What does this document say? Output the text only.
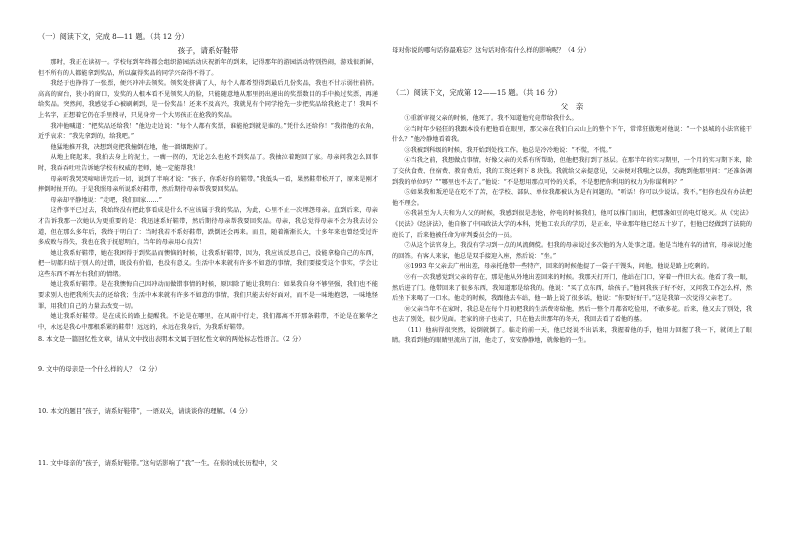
（一）阅读下文，完成 8—11 题。（共 12 分）
孩子，请系好鞋带

那时，我正在读初一。学校每到年终都会组织游园活动庆祝新年的到来，记得那年的游园活动特别热闹，游戏很新鲜，但不所有的人都能拿到奖品，所以赢得奖品的同学兴奋得不得了。

我经于也挣得了一张票，便兴冲冲去领奖。领奖处挤满了人，每个人都希望得到最后几份奖品，我也不甘示弱往前挤。高高的窗台，狭小的窗口，发奖的人根本看不见领奖人的脸，只能随意地从那里扔出递出的奖票数目的手中换过奖票，再递给奖品。突然间，我感觉手心被刷刺到，是一份奖品！还来不及高兴，我就见有个同学抢先一步把奖品给我抢走了！我叫不上名字，正想着它仍在手里搜寻，只见身旁一个大男孩正在抢我的奖品。

我冲他喊道：“把奖品还给我！”他边走边说：“每个人都有奖票，谁能抢到就是谁的。”凭什么还给你！”我指他的衣角，近乎哀求：“我先拿到的，给我吧。”

他猛地推开我，决想到竟把我撞倒在地，他一溜烟跑掉了。

从地上爬起来，我拍去身上的泥土，一瘸一拐的，无论怎么也抢不到奖品了。我抽泣着跑回了家。母亲问我怎么回事时，我吞吞吐吐告诉她学校有权威的老师，她一定能帮我！

母亲听我哭哭啼啼讲完后一切，说到了半响才说：“孩子，你系好你的鞋带。”我低头一看，果然鞋带松开了，原来是刚才摔倒时扯开的。于是我照母亲所说系好鞋带，然后期待母亲帮我要回奖品。

母亲却平静地说：“走吧，我们回家……”

这件事平已过去，我始终没有把此事看成是什么不应该属于我的奖品，为此，心里不止一次埋怨母亲。直到后来，母亲才告诉我那一次她认为更重要的是：我迅速系好鞋带，然后期待母亲帮我要回奖品。母亲，我总觉得母亲不会为我去讨公道，但在那么多年后，我终于明白了：当时我若不系好鞋带，跌倒还会再来。而且，随着渐渐长大，十多年来也曾经受过许多成败与得失，我也在我于抚慰明白，当年的母亲用心良苦！

她让我系好鞋带，她在我困得于到奖品而懊恼的时候，让我系好鞋带，因为，我应该反思自己，没能拿稳自己的东西，把一切都归结于别人的过错，既没有价值，也没有意义。生活中本来就有许多不如意的事情，我们要接受这个事实，学会让这些东西不再左右我们的情绪。

她让我系好鞋带。是在我懊悔自己因冲动而做错事情的时候，原因除了她让我明白：如果我自身不够坚强，我们也不能要求别人也把我所失去的还给我；生活中本来就有许多不如意的事情，我们只能去好好面对，而不是一味地抱怨，一味地怪罪，用我们自己的力量去改变一切。

她让我系好鞋带。是在成长的路上提醒我。不论是在哪里，在风雨中行走，我们都离不开那条鞋带，不论是在繁华之中，永远是我心中那根系紧的鞋带！远远的，永远在我身后，为我系好鞋带。

8. 本文是一篇回忆性文章，请从文中找出表明本文属于回忆性文章的两处标志性语言。（2 分）

9. 文中的母亲是一个什么样的人？（2 分）

10. 本文的题目“孩子，请系好鞋带”，一语双关，请谈谈你的理解。（4 分）

11. 文中母亲的“孩子，请系好鞋带。”这句话影响了“我”一生。在你的成长历程中，父

母对你说的哪句话你最难忘？这句话对你有什么样的影响呢？（4 分）

（二）阅读下文，完成第 12——15 题。（共 16 分）
父　亲

①重新审视父亲的时候，他死了。我不知道他究竟带给我什么。

②当时年少轻狂的我跟本没有把他看在眼里，那父亲在我们白云山上的整个下午，常常狂傲地对他说：“一个县城的小法官能干什么？”他冷静地看着我。

③我被到科级的时候，我开始到处找工作。他总是冷冷地说：“不慌，不慌。”

④当我之前，我想做点事情，好像父亲的关系有所帮助，但他把我打到了基层。在那半年的实习期里，一个月的实习期下来，除了交伙食费、住宿费、教育费后，我的工资还剩下 8 块钱。我就给父亲提意见，父亲便对我嗤之以鼻，我跑到他那里问：“还准备调到我的单位吗？”“哪里也不去了。”他说：“不是想用那点可怜的关系，不是想把你利用的权力为你谋利吗？”

⑤如果我和叛逆是在吃不了苦，在学校、部队、单位我都被认为是有问题的。“听话！你可以少说话。我不。”但你也没有办法把他不理会。

⑥我甚至为人夫和为人父的时候，我感到很是悲怆，停电的时候我们，他可以推门而出，把那盏如豆的电灯熄灭。从《宪法》《民法》《经济法》，他自修了中国政法大学的本科，凭他工农兵的学历，是正业，毕业那年他已经五十岁了，但他已经做到了法院的庭长了，后来他被任命为审判委员会的一员。

⑦从这个法官身上，我没有学习到一点的风流倜傥。但我的母亲说过多次他的为人处事之道。他是当地有名的清官，母亲说过他的回答。有客人来家，他总是双手接迎入座，然后说：“坐。”

⑧1993 年父亲去广州出差，母亲托他带一些特产，回来的时候他提了一袋子干馒头，问他，他说是路上吃剩的。

⑨有一次我感觉到父亲的存在，那是他从外地出差回来的时候。我那天打开门，他站在门口，穿着一件旧大衣。他看了我一眼，然后进了门。他带回来了很多东西，我知道那是给我的。他说：“买了点东西，给孩子。”他问我孩子好不好，又问我工作怎么样，然后坐下来喝了一口水。他走的时候，我跟他去车站，他一路上说了很多话，他说：“你要好好干。”这是我第一次觉得父亲老了。

⑩父亲当年不在家时，我总是在每个月初把我的生活费寄给他，然后一整个月都省吃俭用，不敢多花。后来，他又去了别处，我也去了别处，很少见面。老家的房子也卖了，只在他去世那年的冬天，我回去看了看他的墓。

（11）他病得很突然，说倒就倒了。临走的前一天，他已经说不出话来，我握着他的手，他用力回握了我一下，就闭上了眼睛。我看到他的眼睛里流出了泪，他走了，安安静静地，就像他的一生。
